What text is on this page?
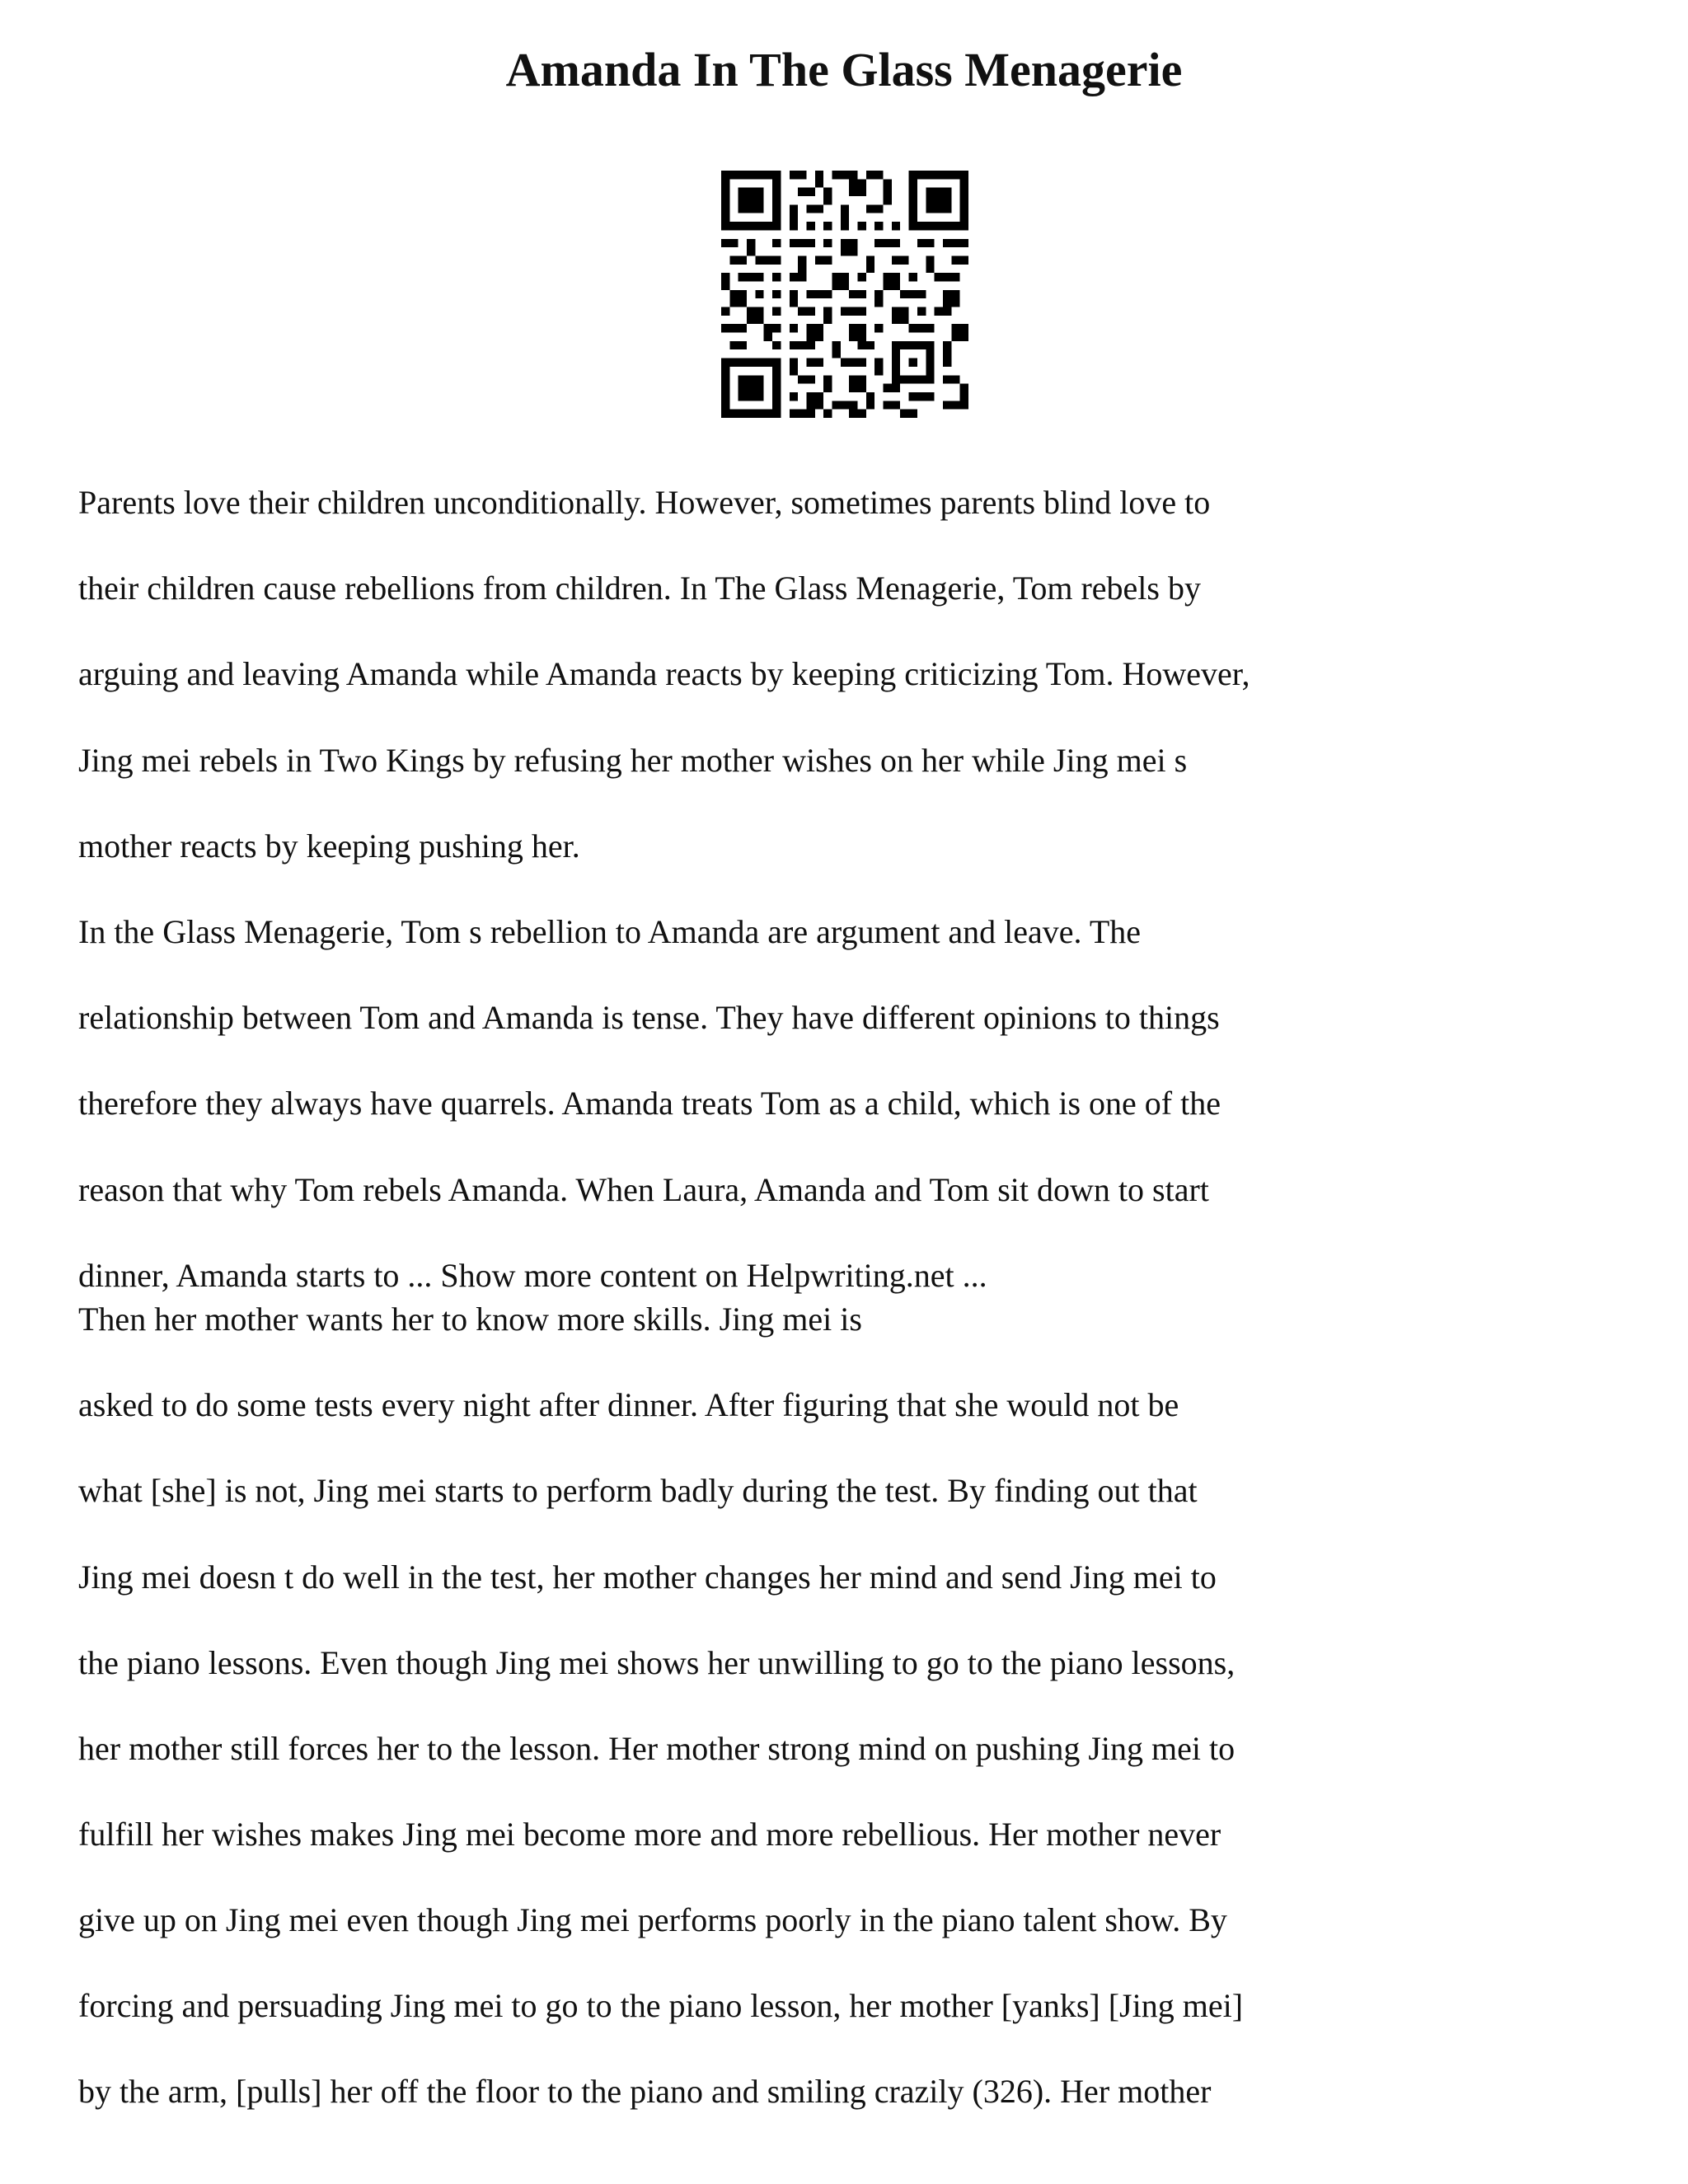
Amanda In The Glass Menagerie
Parents love their children unconditionally. However, sometimes parents blind love to
their children cause rebellions from children. In The Glass Menagerie, Tom rebels by
arguing and leaving Amanda while Amanda reacts by keeping criticizing Tom. However,
Jing mei rebels in Two Kings by refusing her mother wishes on her while Jing mei s
mother reacts by keeping pushing her.
In the Glass Menagerie, Tom s rebellion to Amanda are argument and leave. The
relationship between Tom and Amanda is tense. They have different opinions to things
therefore they always have quarrels. Amanda treats Tom as a child, which is one of the
reason that why Tom rebels Amanda. When Laura, Amanda and Tom sit down to start
dinner, Amanda starts to ... Show more content on Helpwriting.net ...
Then her mother wants her to know more skills. Jing mei is
asked to do some tests every night after dinner. After figuring that she would not be
what [she] is not, Jing mei starts to perform badly during the test. By finding out that
Jing mei doesn t do well in the test, her mother changes her mind and send Jing mei to
the piano lessons. Even though Jing mei shows her unwilling to go to the piano lessons,
her mother still forces her to the lesson. Her mother strong mind on pushing Jing mei to
fulfill her wishes makes Jing mei become more and more rebellious. Her mother never
give up on Jing mei even though Jing mei performs poorly in the piano talent show. By
forcing and persuading Jing mei to go to the piano lesson, her mother [yanks] [Jing mei]
by the arm, [pulls] her off the floor to the piano and smiling crazily (326). Her mother
